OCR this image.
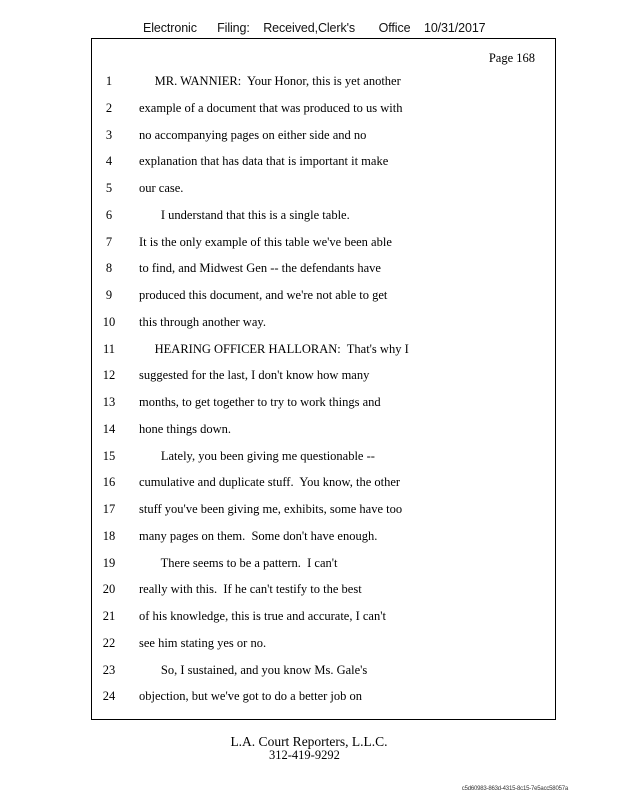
Electronic      Filing:    Received,Clerk's       Office    10/31/2017
Page 168
1	MR. WANNIER:  Your Honor, this is yet another
2	example of a document that was produced to us with
3	no accompanying pages on either side and no
4	explanation that has data that is important it make
5	our case.
6	I understand that this is a single table.
7	It is the only example of this table we've been able
8	to find, and Midwest Gen -- the defendants have
9	produced this document, and we're not able to get
10	this through another way.
11	HEARING OFFICER HALLORAN:  That's why I
12	suggested for the last, I don't know how many
13	months, to get together to try to work things and
14	hone things down.
15	Lately, you been giving me questionable --
16	cumulative and duplicate stuff.  You know, the other
17	stuff you've been giving me, exhibits, some have too
18	many pages on them.  Some don't have enough.
19	There seems to be a pattern.  I can't
20	really with this.  If he can't testify to the best
21	of his knowledge, this is true and accurate, I can't
22	see him stating yes or no.
23	So, I sustained, and you know Ms. Gale's
24	objection, but we've got to do a better job on
L.A. Court Reporters, L.L.C.
312-419-9292
c5d60983-863d-4315-8c15-7e5acc58057a
